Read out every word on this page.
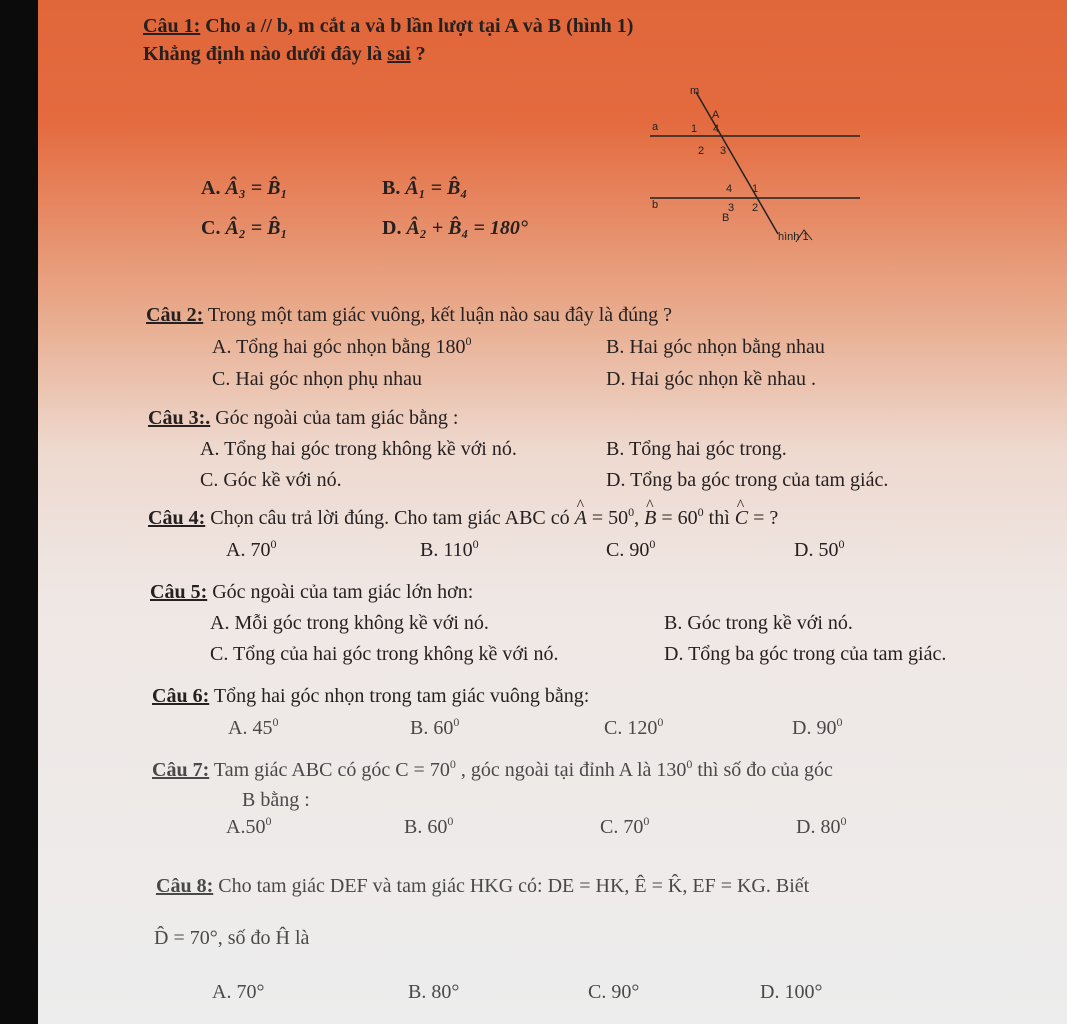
Câu 1: Cho a // b, m cắt a và b lần lượt tại A và B (hình 1)
Khẳng định nào dưới đây là sai ?
A. Â₃ = B̂₁	B. Â₁ = B̂₄
C. Â₂ = B̂₁	D. Â₂ + B̂₄ = 180°
a
b
m
A
1 4
2 3
4 1
3 2
B
hình 1
Câu 2: Trong một tam giác vuông, kết luận nào sau đây là đúng ?
A. Tổng hai góc nhọn bằng $180^0$	B. Hai góc nhọn bằng nhau
C. Hai góc nhọn phụ nhau	D. Hai góc nhọn kề nhau .
Câu 3:. Góc ngoài của tam giác bằng :
A. Tổng hai góc trong không kề với nó.	B. Tổng hai góc trong.
C. Góc kề với nó.	D. Tổng ba góc trong của tam giác.
Câu 4: Chọn câu trả lời đúng. Cho tam giác ABC có ^ $A = 50^0$, ^ $B = 60^0$ thì ^ C = ?
A. $70^0$	B. $110^0$	C. $90^0$	D. $50^0$
Câu 5: Góc ngoài của tam giác lớn hơn:
A. Mỗi góc trong không kề với nó.	B. Góc trong kề với nó.
C. Tổng của hai góc trong không kề với nó.	D. Tổng ba góc trong của tam giác.
Câu 6: Tổng hai góc nhọn trong tam giác vuông bằng:
A. $45^0$	B. $60^0$	C. $120^0$	D. $90^0$
Câu 7: Tam giác ABC có góc $C = 70^0$ , góc ngoài tại đỉnh A là $130^0$ thì số đo của góc
B bằng :
$A.50^0$	B. $60^0$	C. $70^0$	D. $80^0$
Câu 8: Cho tam giác DEF và tam giác HKG có: DE = HK, Ê = K̂, EF = KG. Biết
D̂ = 70°, số đo Ĥ là
A. 70°	B. 80°	C. 90°	D. 100°
